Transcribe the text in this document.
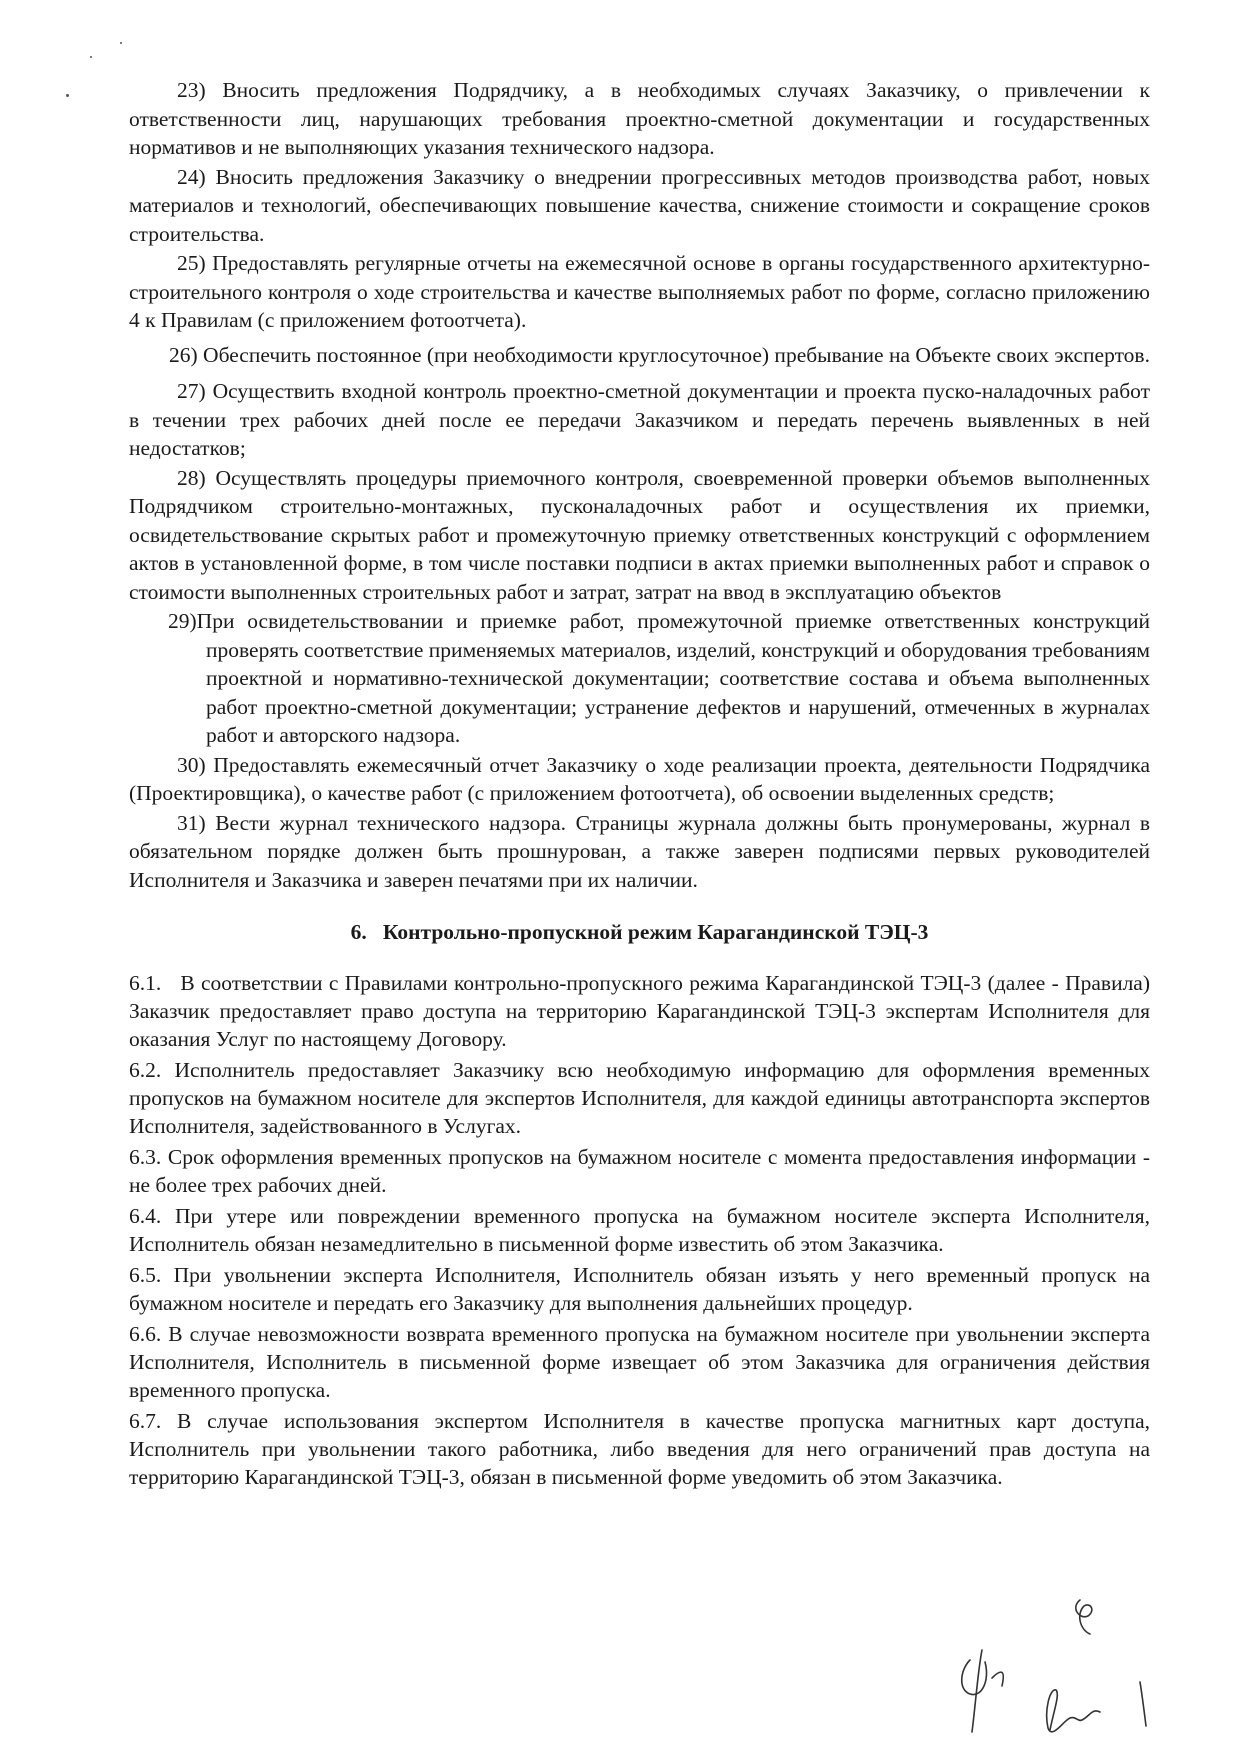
23) Вносить предложения Подрядчику, а в необходимых случаях Заказчику, о привлечении к ответственности лиц, нарушающих требования проектно-сметной документации и государственных нормативов и не выполняющих указания технического надзора.

24) Вносить предложения Заказчику о внедрении прогрессивных методов производства работ, новых материалов и технологий, обеспечивающих повышение качества, снижение стоимости и сокращение сроков строительства.

25) Предоставлять регулярные отчеты на ежемесячной основе в органы государственного архитектурно-строительного контроля о ходе строительства и качестве выполняемых работ по форме, согласно приложению 4 к Правилам (с приложением фотоотчета).

26) Обеспечить постоянное (при необходимости круглосуточное) пребывание на Объекте своих экспертов.

27) Осуществить входной контроль проектно-сметной документации и проекта пуско-наладочных работ в течении трех рабочих дней после ее передачи Заказчиком и передать перечень выявленных в ней недостатков;

28) Осуществлять процедуры приемочного контроля, своевременной проверки объемов выполненных Подрядчиком строительно-монтажных, пусконаладочных работ и осуществления их приемки, освидетельствование скрытых работ и промежуточную приемку ответственных конструкций с оформлением актов в установленной форме, в том числе поставки подписи в актах приемки выполненных работ и справок о стоимости выполненных строительных работ и затрат, затрат на ввод в эксплуатацию объектов

29)При освидетельствовании и приемке работ, промежуточной приемке ответственных конструкций проверять соответствие применяемых материалов, изделий, конструкций и оборудования требованиям проектной и нормативно-технической документации; соответствие состава и объема выполненных работ проектно-сметной документации; устранение дефектов и нарушений, отмеченных в журналах работ и авторского надзора.

30) Предоставлять ежемесячный отчет Заказчику о ходе реализации проекта, деятельности Подрядчика (Проектировщика), о качестве работ (с приложением фотоотчета), об освоении выделенных средств;

31) Вести журнал технического надзора. Страницы журнала должны быть пронумерованы, журнал в обязательном порядке должен быть прошнурован, а также заверен подписями первых руководителей Исполнителя и Заказчика и заверен печатями при их наличии.

6. Контрольно-пропускной режим Карагандинской ТЭЦ-3

6.1. В соответствии с Правилами контрольно-пропускного режима Карагандинской ТЭЦ-3 (далее - Правила) Заказчик предоставляет право доступа на территорию Карагандинской ТЭЦ-3 экспертам Исполнителя для оказания Услуг по настоящему Договору.

6.2. Исполнитель предоставляет Заказчику всю необходимую информацию для оформления временных пропусков на бумажном носителе для экспертов Исполнителя, для каждой единицы автотранспорта экспертов Исполнителя, задействованного в Услугах.

6.3. Срок оформления временных пропусков на бумажном носителе с момента предоставления информации - не более трех рабочих дней.

6.4. При утере или повреждении временного пропуска на бумажном носителе эксперта Исполнителя, Исполнитель обязан незамедлительно в письменной форме известить об этом Заказчика.

6.5. При увольнении эксперта Исполнителя, Исполнитель обязан изъять у него временный пропуск на бумажном носителе и передать его Заказчику для выполнения дальнейших процедур.

6.6. В случае невозможности возврата временного пропуска на бумажном носителе при увольнении эксперта Исполнителя, Исполнитель в письменной форме извещает об этом Заказчика для ограничения действия временного пропуска.

6.7. В случае использования экспертом Исполнителя в качестве пропуска магнитных карт доступа, Исполнитель при увольнении такого работника, либо введения для него ограничений прав доступа на территорию Карагандинской ТЭЦ-3, обязан в письменной форме уведомить об этом Заказчика.
